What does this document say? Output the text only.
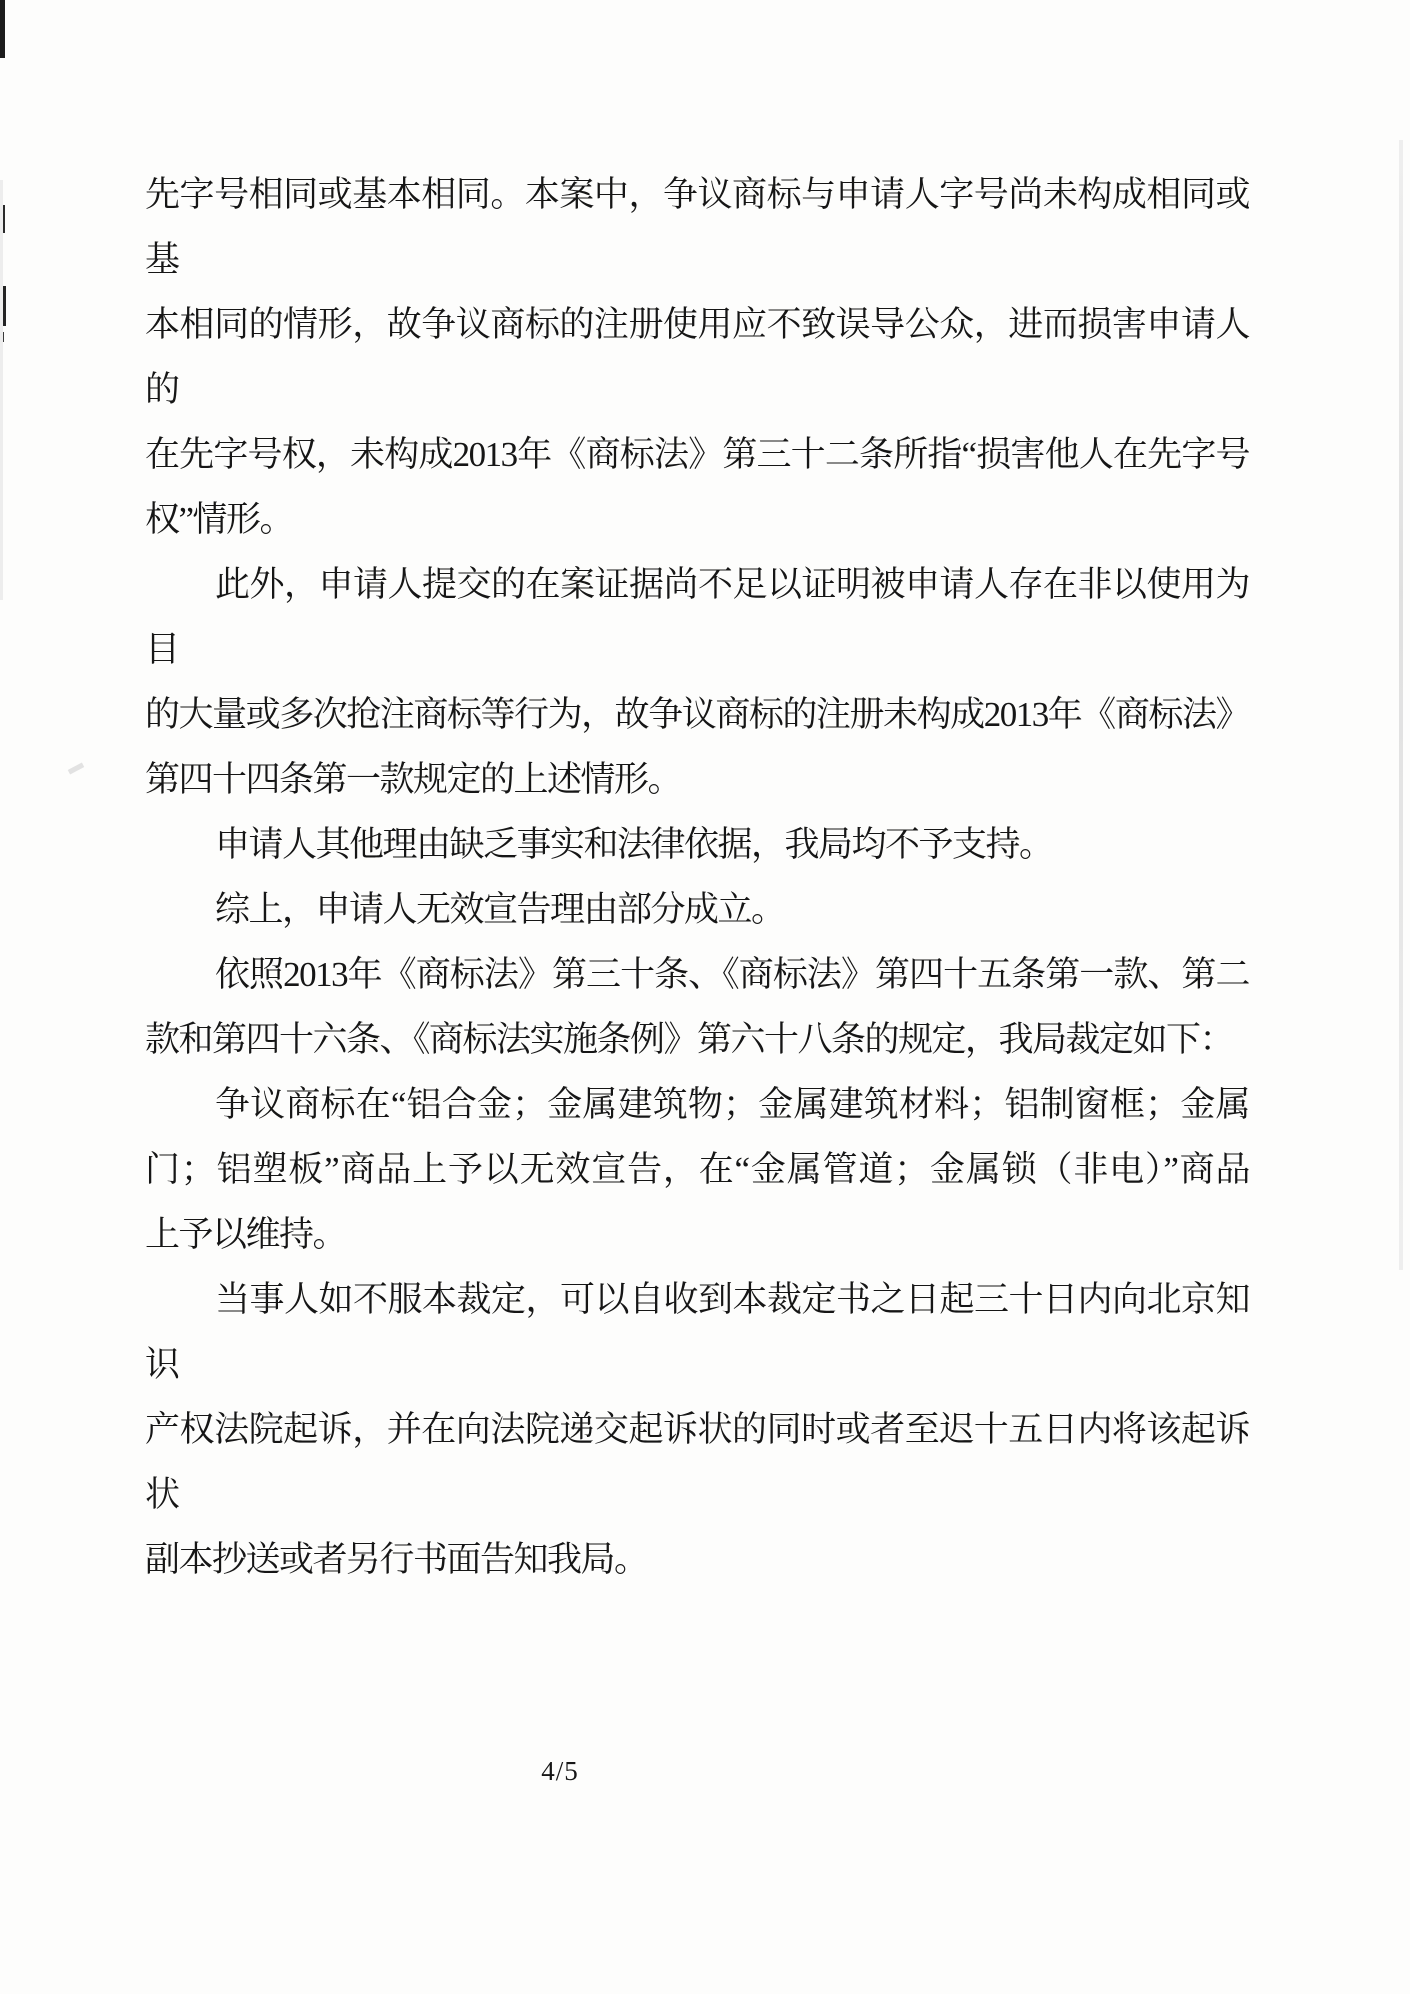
先字号相同或基本相同。本案中，争议商标与申请人字号尚未构成相同或基
本相同的情形，故争议商标的注册使用应不致误导公众，进而损害申请人的
在先字号权，未构成2013年《商标法》第三十二条所指“损害他人在先字号
权”情形。
此外，申请人提交的在案证据尚不足以证明被申请人存在非以使用为目
的大量或多次抢注商标等行为，故争议商标的注册未构成2013年《商标法》
第四十四条第一款规定的上述情形。
申请人其他理由缺乏事实和法律依据，我局均不予支持。
综上，申请人无效宣告理由部分成立。
依照2013年《商标法》第三十条、《商标法》第四十五条第一款、第二
款和第四十六条、《商标法实施条例》第六十八条的规定，我局裁定如下：
争议商标在“铝合金；金属建筑物；金属建筑材料；铝制窗框；金属
门；铝塑板”商品上予以无效宣告，在“金属管道；金属锁（非电）”商品
上予以维持。
当事人如不服本裁定，可以自收到本裁定书之日起三十日内向北京知识
产权法院起诉，并在向法院递交起诉状的同时或者至迟十五日内将该起诉状
副本抄送或者另行书面告知我局。
4/5
